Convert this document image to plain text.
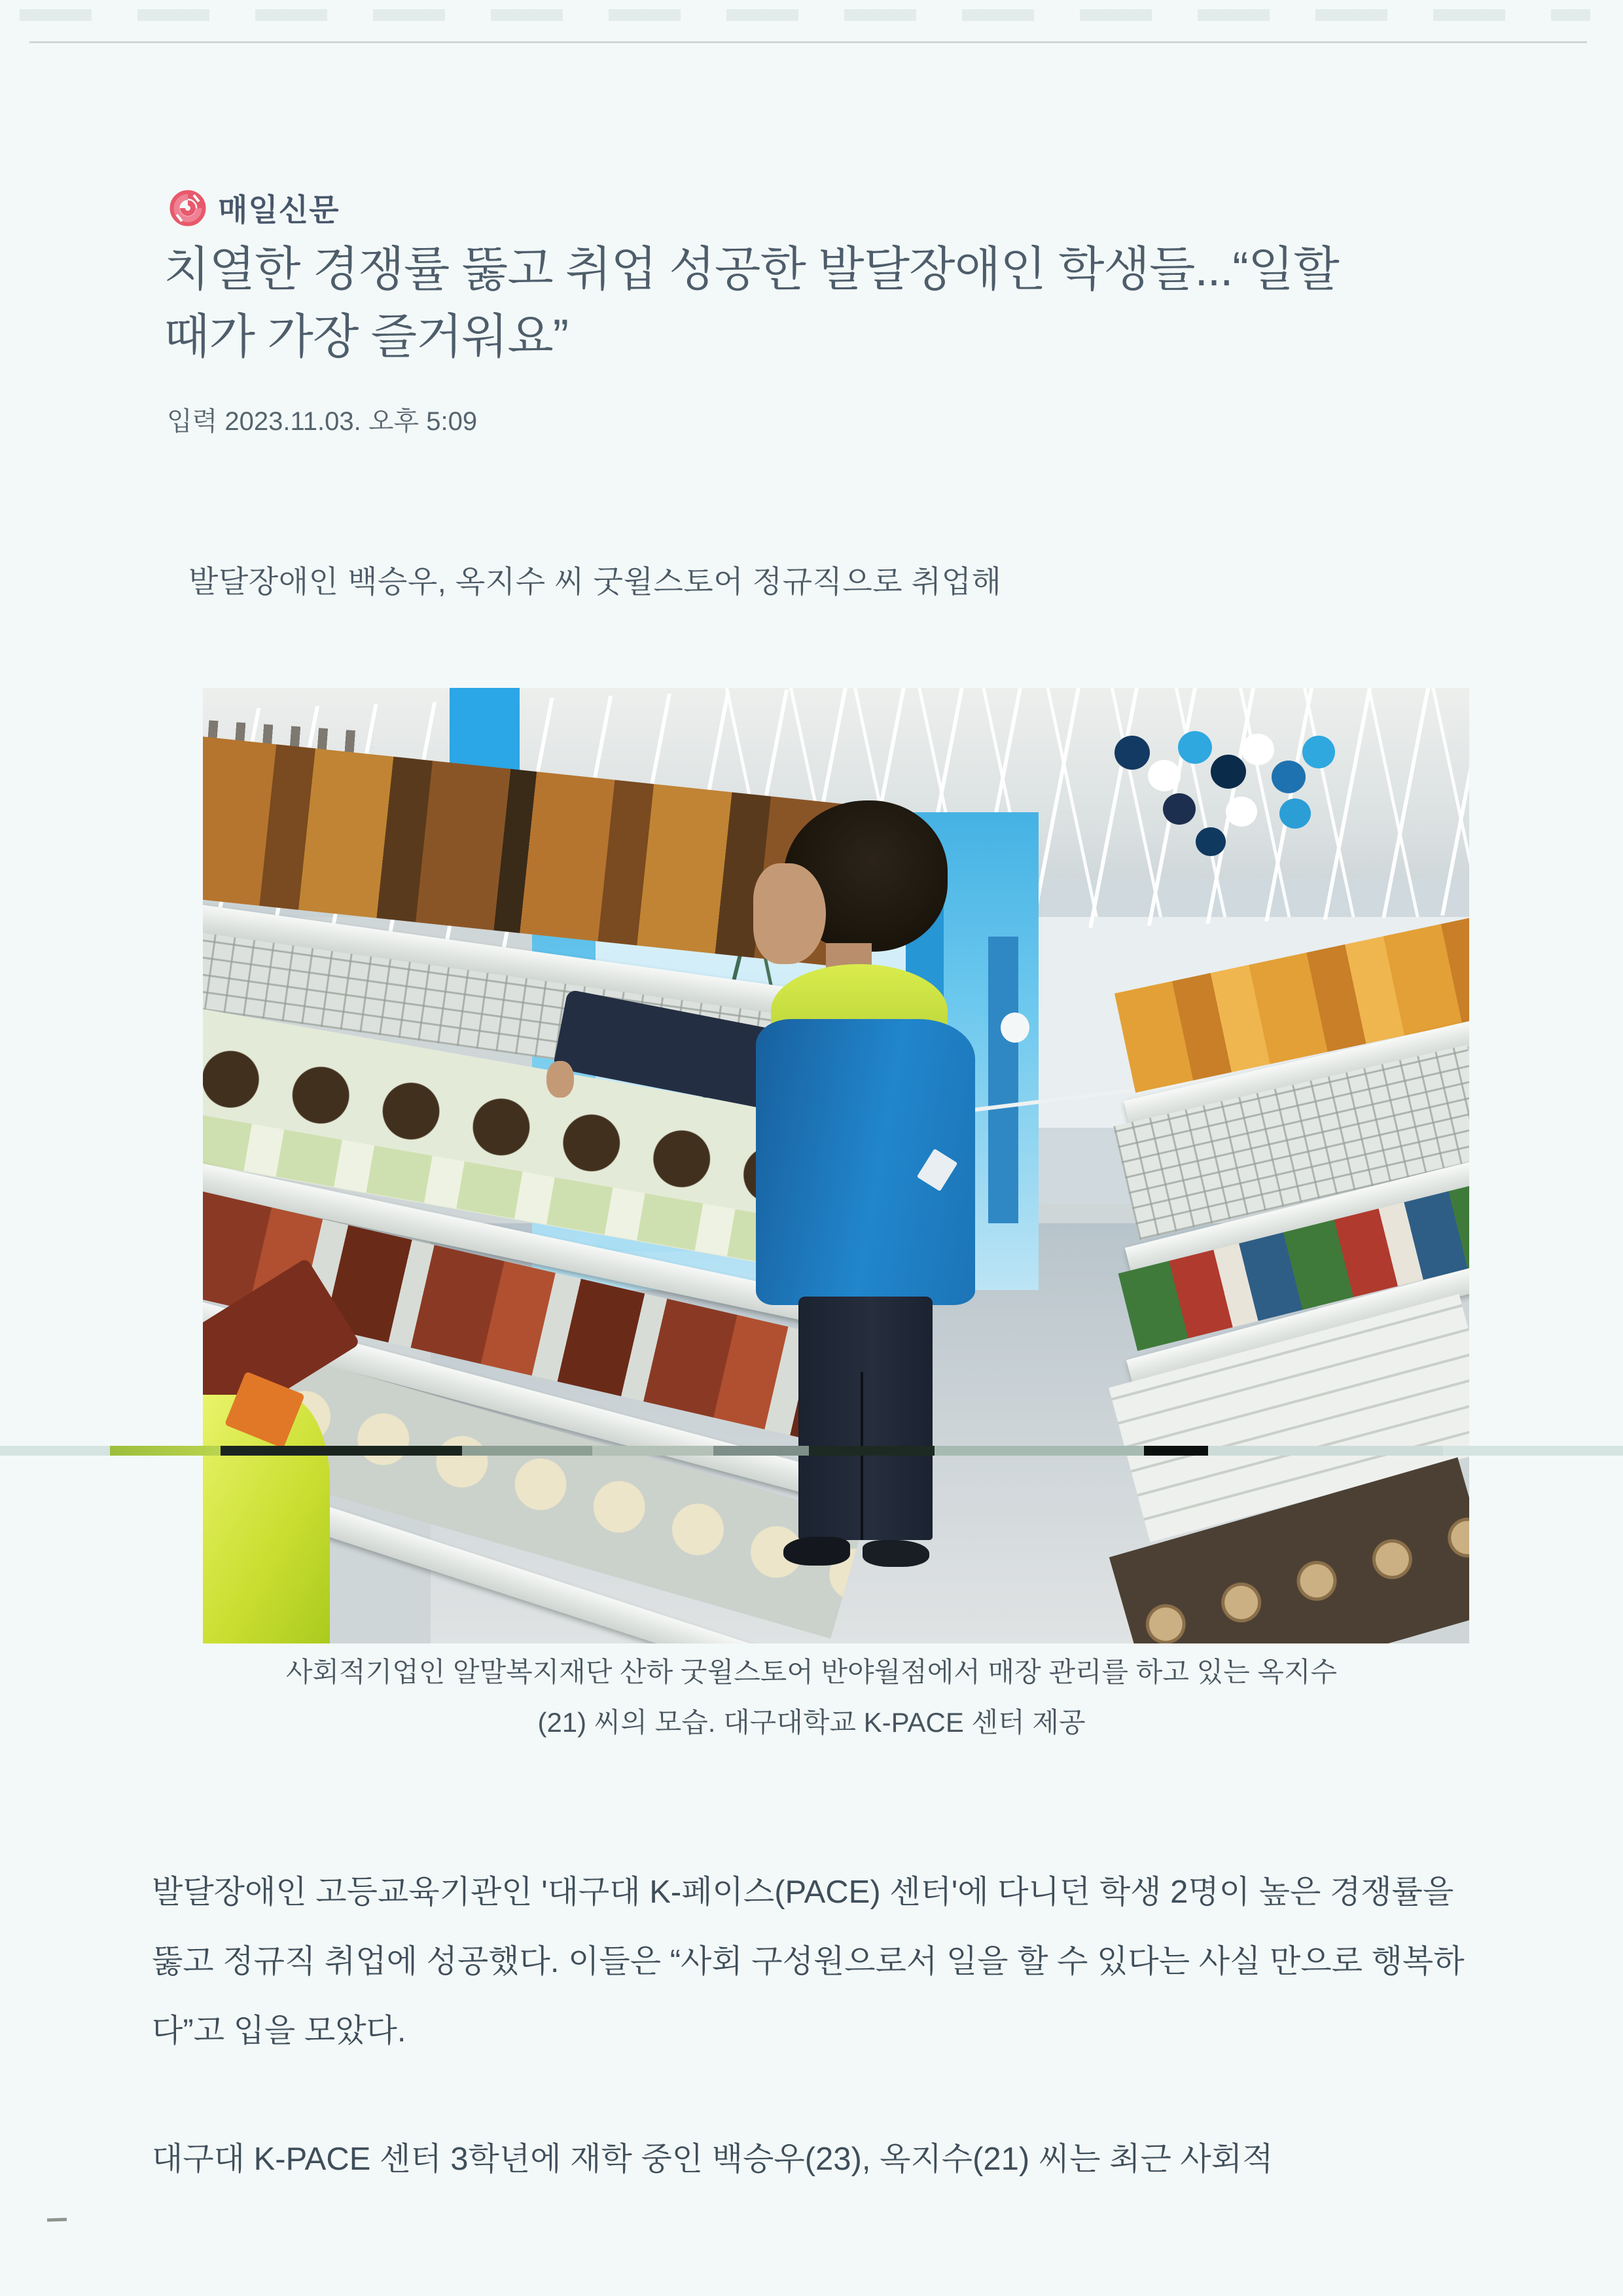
매일신문
치열한 경쟁률 뚫고 취업 성공한 발달장애인 학생들...“일할 때가 가장 즐거워요”
입력 2023.11.03. 오후 5:09
발달장애인 백승우, 옥지수 씨 굿윌스토어 정규직으로 취업해
사회적기업인 알말복지재단 산하 굿윌스토어 반야월점에서 매장 관리를 하고 있는 옥지수
(21) 씨의 모습. 대구대학교 K-PACE 센터 제공

발달장애인 고등교육기관인 '대구대 K-페이스(PACE) 센터'에 다니던 학생 2명이 높은 경쟁률을 뚫고 정규직 취업에 성공했다. 이들은 “사회 구성원으로서 일을 할 수 있다는 사실 만으로 행복하다”고 입을 모았다.

대구대 K-PACE 센터 3학년에 재학 중인 백승우(23), 옥지수(21) 씨는 최근 사회적
